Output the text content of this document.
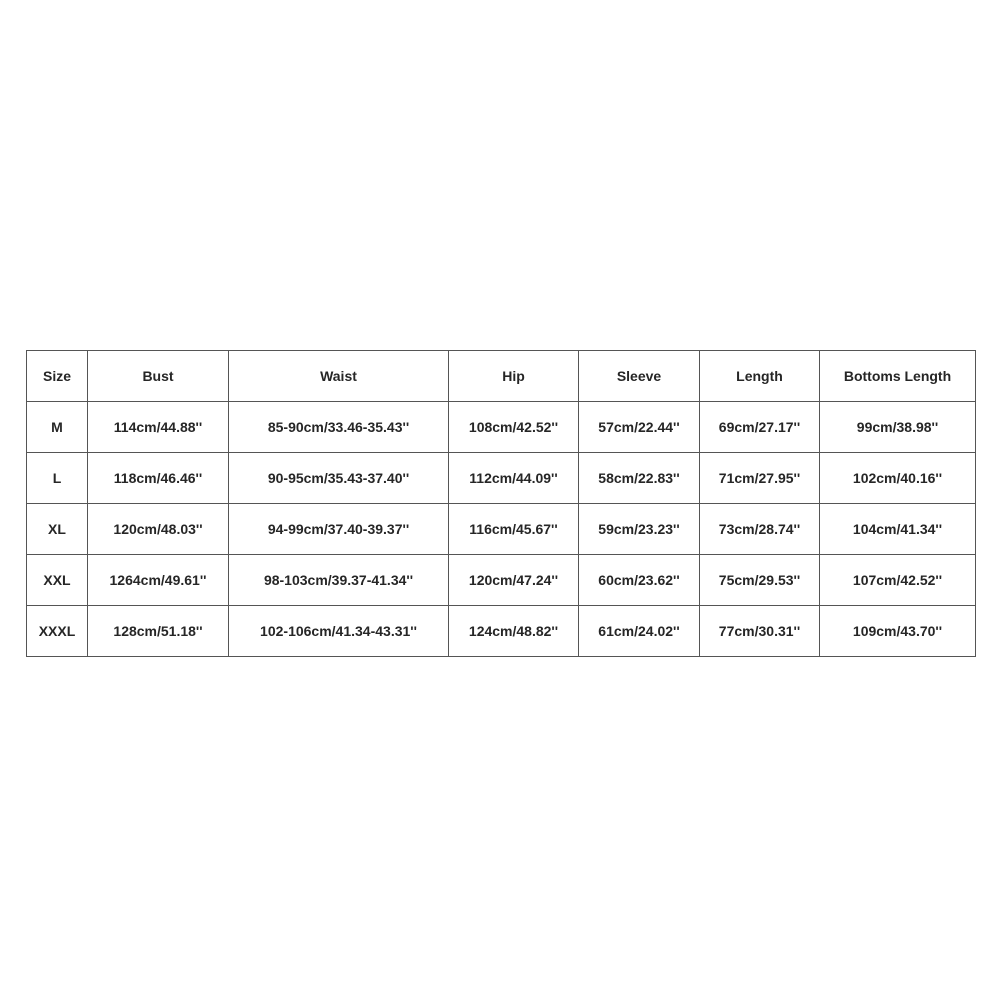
Size	Bust	Waist	Hip	Sleeve	Length	Bottoms Length
M	114cm/44.88''	85-90cm/33.46-35.43''	108cm/42.52''	57cm/22.44''	69cm/27.17''	99cm/38.98''
L	118cm/46.46''	90-95cm/35.43-37.40''	112cm/44.09''	58cm/22.83''	71cm/27.95''	102cm/40.16''
XL	120cm/48.03''	94-99cm/37.40-39.37''	116cm/45.67''	59cm/23.23''	73cm/28.74''	104cm/41.34''
XXL	1264cm/49.61''	98-103cm/39.37-41.34''	120cm/47.24''	60cm/23.62''	75cm/29.53''	107cm/42.52''
XXXL	128cm/51.18''	102-106cm/41.34-43.31''	124cm/48.82''	61cm/24.02''	77cm/30.31''	109cm/43.70''
